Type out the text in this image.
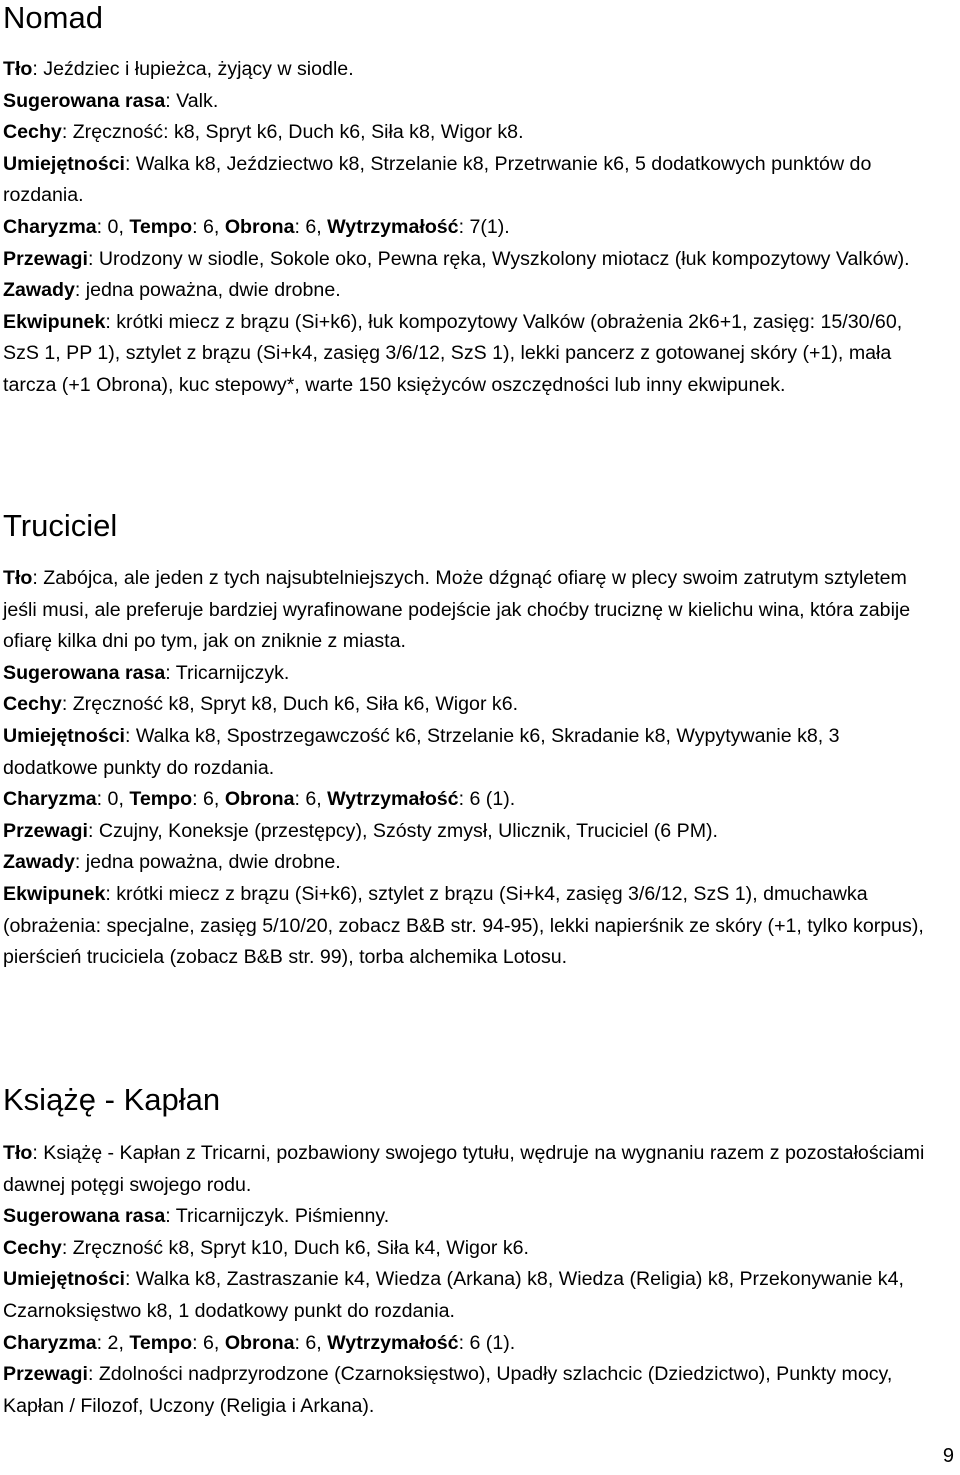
Nomad

Tło: Jeździec i łupieżca, żyjący w siodle.

Sugerowana rasa: Valk.

Cechy: Zręczność: k8, Spryt k6, Duch k6, Siła k8, Wigor k8.

Umiejętności: Walka k8, Jeździectwo k8, Strzelanie k8, Przetrwanie k6, 5 dodatkowych punktów do rozdania.

Charyzma: 0, Tempo: 6, Obrona: 6, Wytrzymałość: 7(1).

Przewagi: Urodzony w siodle, Sokole oko, Pewna ręka, Wyszkolony miotacz (łuk kompozytowy Valków).

Zawady: jedna poważna, dwie drobne.

Ekwipunek: krótki miecz z brązu (Si+k6), łuk kompozytowy Valków (obrażenia 2k6+1, zasięg: 15/30/60, SzS 1, PP 1), sztylet z brązu (Si+k4, zasięg 3/6/12, SzS 1), lekki pancerz z gotowanej skóry (+1), mała tarcza (+1 Obrona), kuc stepowy*, warte 150 księżyców oszczędności lub inny ekwipunek.

Truciciel

Tło: Zabójca, ale jeden z tych najsubtelniejszych. Może dźgnąć ofiarę w plecy swoim zatrutym sztyletem jeśli musi, ale preferuje bardziej wyrafinowane podejście jak choćby truciznę w kielichu wina, która zabije ofiarę kilka dni po tym, jak on zniknie z miasta.

Sugerowana rasa: Tricarnijczyk.

Cechy: Zręczność k8, Spryt k8, Duch k6, Siła k6, Wigor k6.

Umiejętności: Walka k8, Spostrzegawczość k6, Strzelanie k6, Skradanie k8, Wypytywanie k8, 3 dodatkowe punkty do rozdania.

Charyzma: 0, Tempo: 6, Obrona: 6, Wytrzymałość: 6 (1).

Przewagi: Czujny, Koneksje (przestępcy), Szósty zmysł, Ulicznik, Truciciel (6 PM).

Zawady: jedna poważna, dwie drobne.

Ekwipunek: krótki miecz z brązu (Si+k6), sztylet z brązu (Si+k4, zasięg 3/6/12, SzS 1), dmuchawka (obrażenia: specjalne, zasięg 5/10/20, zobacz B&B str. 94-95), lekki napierśnik ze skóry (+1, tylko korpus), pierścień truciciela (zobacz B&B str. 99), torba alchemika Lotosu.

Książę - Kapłan

Tło: Książę - Kapłan z Tricarni, pozbawiony swojego tytułu, wędruje na wygnaniu razem z pozostałościami dawnej potęgi swojego rodu.

Sugerowana rasa: Tricarnijczyk. Piśmienny.

Cechy: Zręczność k8, Spryt k10, Duch k6, Siła k4, Wigor k6.

Umiejętności: Walka k8, Zastraszanie k4, Wiedza (Arkana) k8, Wiedza (Religia) k8, Przekonywanie k4, Czarnoksięstwo k8, 1 dodatkowy punkt do rozdania.

Charyzma: 2, Tempo: 6, Obrona: 6, Wytrzymałość: 6 (1).

Przewagi: Zdolności nadprzyrodzone (Czarnoksięstwo), Upadły szlachcic (Dziedzictwo), Punkty mocy, Kapłan / Filozof, Uczony (Religia i Arkana).

9
